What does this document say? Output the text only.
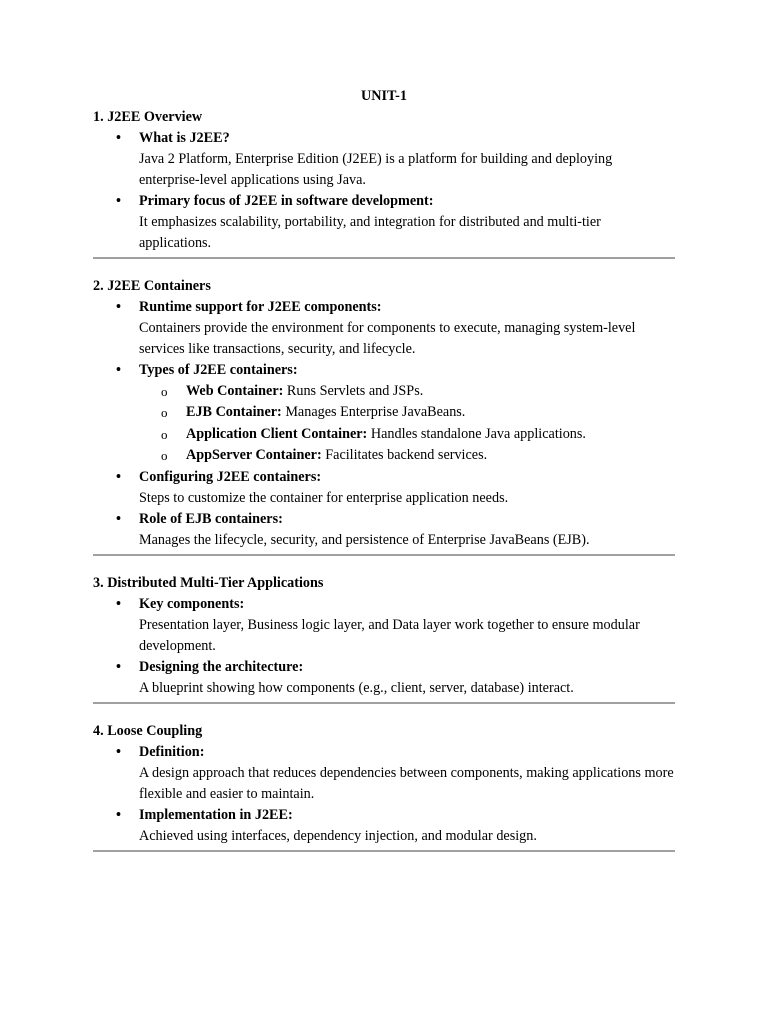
UNIT-1
1. J2EE Overview
• What is J2EE?
Java 2 Platform, Enterprise Edition (J2EE) is a platform for building and deploying enterprise-level applications using Java.
• Primary focus of J2EE in software development:
It emphasizes scalability, portability, and integration for distributed and multi-tier applications.
2. J2EE Containers
• Runtime support for J2EE components:
Containers provide the environment for components to execute, managing system-level services like transactions, security, and lifecycle.
• Types of J2EE containers:
o Web Container: Runs Servlets and JSPs.
o EJB Container: Manages Enterprise JavaBeans.
o Application Client Container: Handles standalone Java applications.
o AppServer Container: Facilitates backend services.
• Configuring J2EE containers:
Steps to customize the container for enterprise application needs.
• Role of EJB containers:
Manages the lifecycle, security, and persistence of Enterprise JavaBeans (EJB).
3. Distributed Multi-Tier Applications
• Key components:
Presentation layer, Business logic layer, and Data layer work together to ensure modular development.
• Designing the architecture:
A blueprint showing how components (e.g., client, server, database) interact.
4. Loose Coupling
• Definition:
A design approach that reduces dependencies between components, making applications more flexible and easier to maintain.
• Implementation in J2EE:
Achieved using interfaces, dependency injection, and modular design.
